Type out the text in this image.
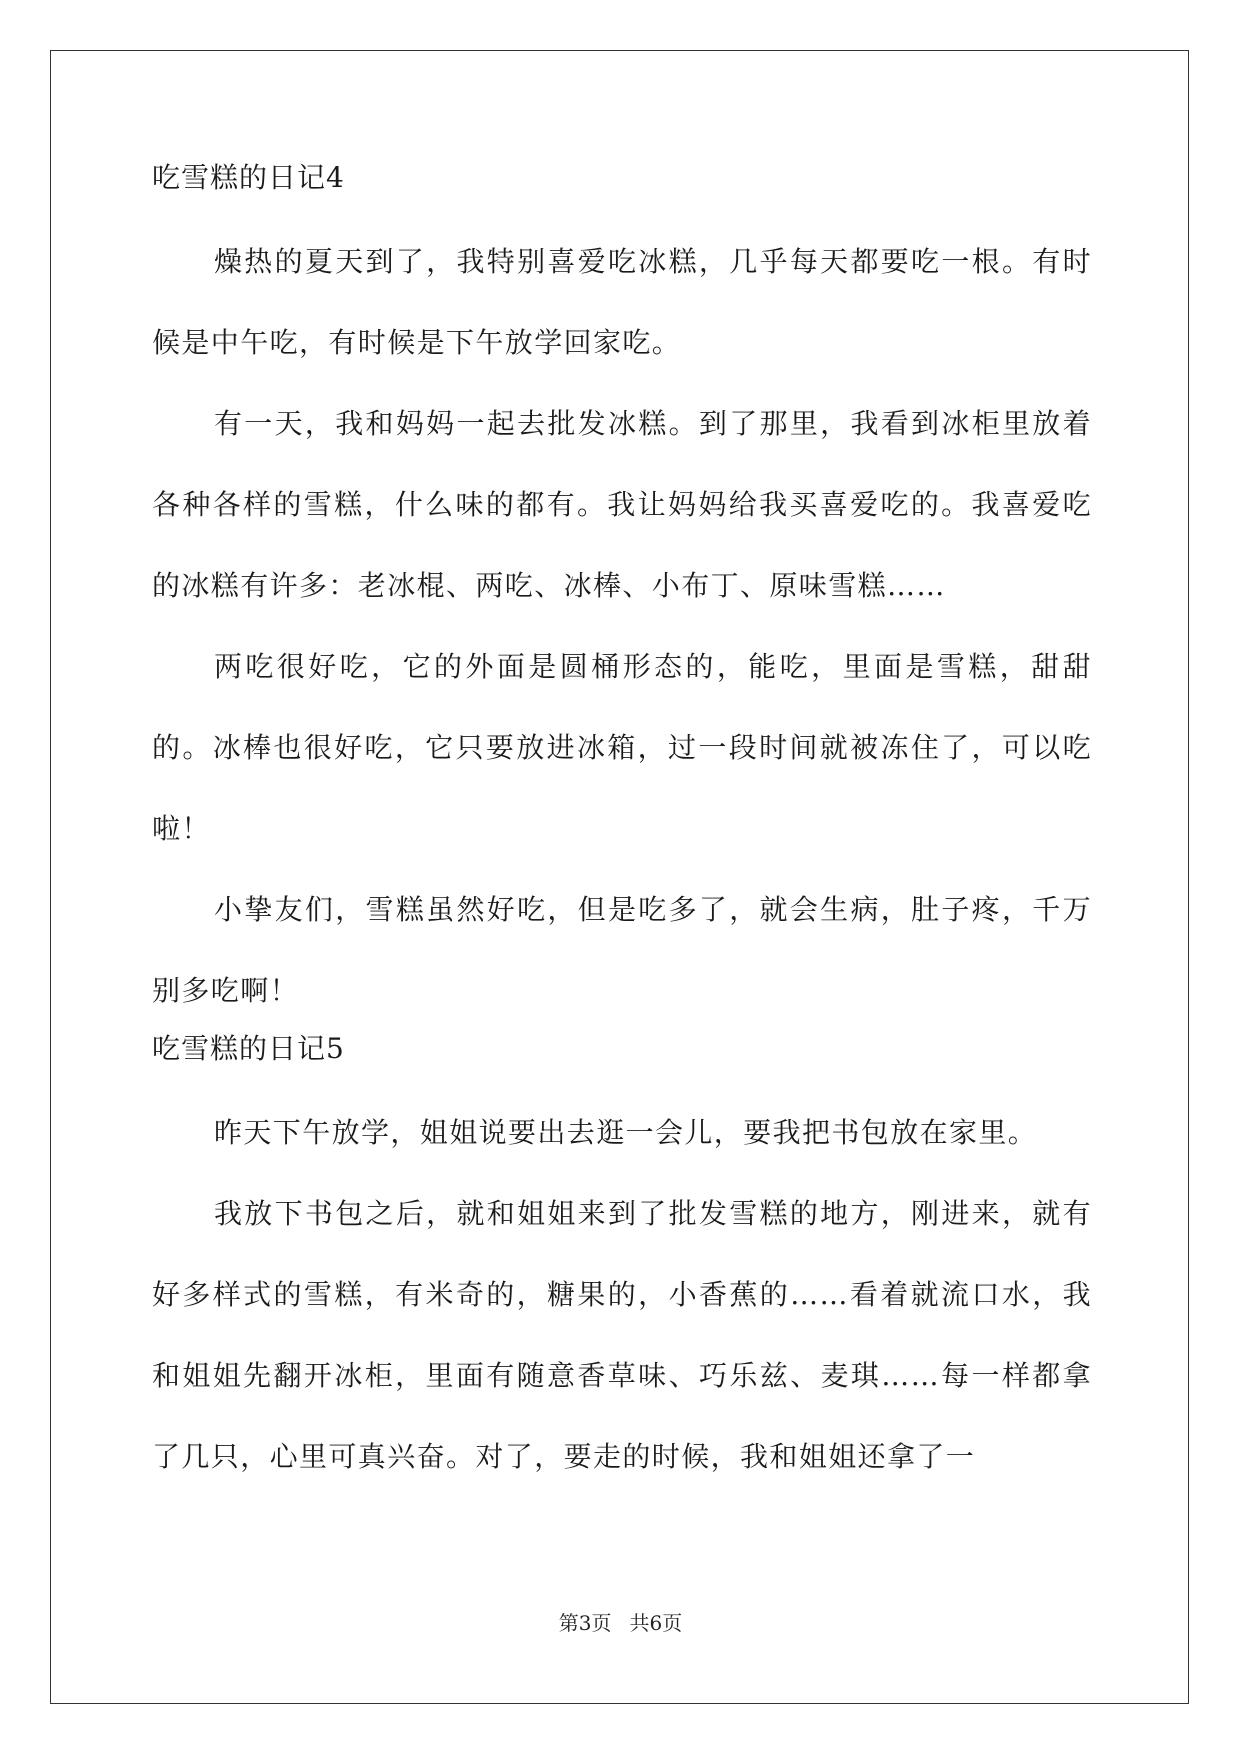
吃雪糕的日记4

燥热的夏天到了，我特别喜爱吃冰糕，几乎每天都要吃一根。有时候是中午吃，有时候是下午放学回家吃。

有一天，我和妈妈一起去批发冰糕。到了那里，我看到冰柜里放着各种各样的雪糕，什么味的都有。我让妈妈给我买喜爱吃的。我喜爱吃的冰糕有许多：老冰棍、两吃、冰棒、小布丁、原味雪糕……

两吃很好吃，它的外面是圆桶形态的，能吃，里面是雪糕，甜甜的。冰棒也很好吃，它只要放进冰箱，过一段时间就被冻住了，可以吃啦！

小挚友们，雪糕虽然好吃，但是吃多了，就会生病，肚子疼，千万别多吃啊！

吃雪糕的日记5

昨天下午放学，姐姐说要出去逛一会儿，要我把书包放在家里。

我放下书包之后，就和姐姐来到了批发雪糕的地方，刚进来，就有好多样式的雪糕，有米奇的，糖果的，小香蕉的……看着就流口水，我和姐姐先翻开冰柜，里面有随意香草味、巧乐兹、麦琪……每一样都拿了几只，心里可真兴奋。对了，要走的时候，我和姐姐还拿了一

第3页 共6页
